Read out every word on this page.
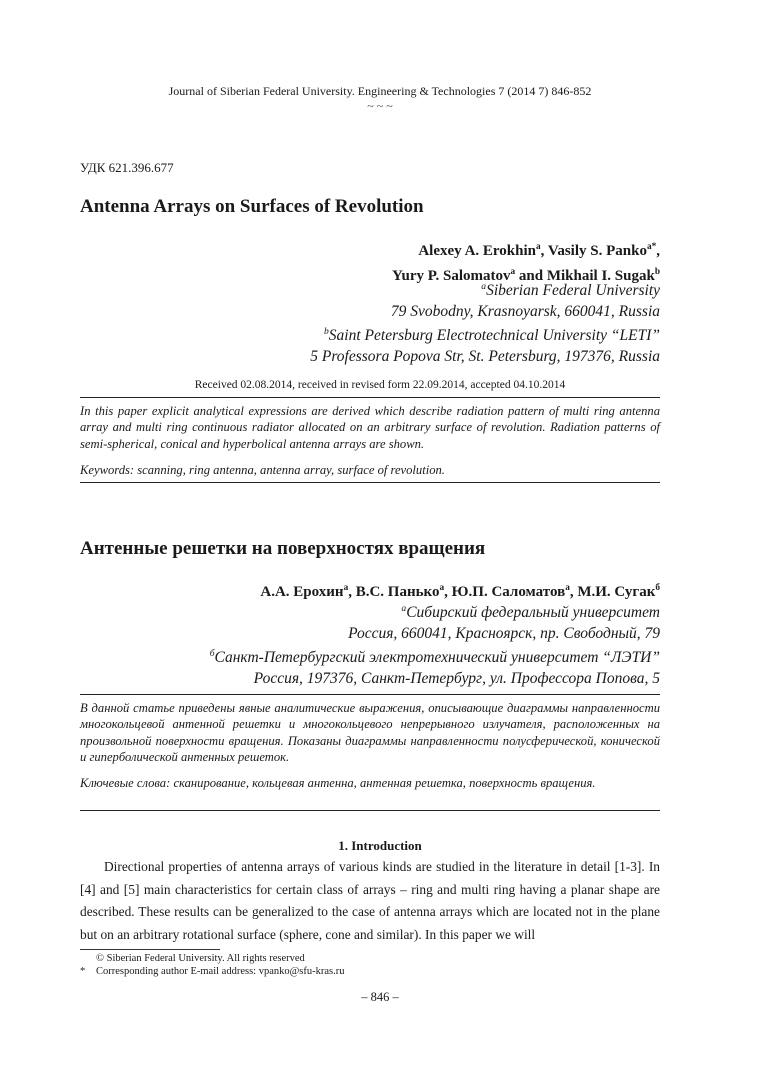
Journal of Siberian Federal University. Engineering & Technologies 7 (2014 7) 846-852
~ ~ ~
УДК 621.396.677
Antenna Arrays on Surfaces of Revolution
Alexey A. Erokhin$^a$, Vasily S. Panko$^{a*}$,
Yury P. Salomatov$^a$ and Mikhail I. Sugak$^b$
$^a$Siberian Federal University
79 Svobodny, Krasnoyarsk, 660041, Russia
$^b$Saint Petersburg Electrotechnical University “LETI”
5 Professora Popova Str, St. Petersburg, 197376, Russia
Received 02.08.2014, received in revised form 22.09.2014, accepted 04.10.2014
In this paper explicit analytical expressions are derived which describe radiation pattern of multi ring antenna array and multi ring continuous radiator allocated on an arbitrary surface of revolution. Radiation patterns of semi-spherical, conical and hyperbolical antenna arrays are shown.
Keywords: scanning, ring antenna, antenna array, surface of revolution.
Антенные решетки на поверхностях вращения
А.А. Ерохин$^а$, В.С. Панько$^а$, Ю.П. Саломатов$^а$, М.И. Сугак$^б$
$^а$Сибирский федеральный университет
Россия, 660041, Красноярск, пр. Свободный, 79
$^б$Санкт-Петербургский электротехнический университет “ЛЭТИ”
Россия, 197376, Санкт-Петербург, ул. Профессора Попова, 5
В данной статье приведены явные аналитические выражения, описывающие диаграммы направленности многокольцевой антенной решетки и многокольцевого непрерывного излучателя, расположенных на произвольной поверхности вращения. Показаны диаграммы направленности полусферической, конической и гиперболической антенных решеток.
Ключевые слова: сканирование, кольцевая антенна, антенная решетка, поверхность вращения.
1. Introduction

Directional properties of antenna arrays of various kinds are studied in the literature in detail [1-3]. In [4] and [5] main characteristics for certain class of arrays – ring and multi ring having a planar shape are described. These results can be generalized to the case of antenna arrays which are located not in the plane but on an arbitrary rotational surface (sphere, cone and similar). In this paper we will

© Siberian Federal University. All rights reserved
* Corresponding author E-mail address: vpanko@sfu-kras.ru
– 846 –
